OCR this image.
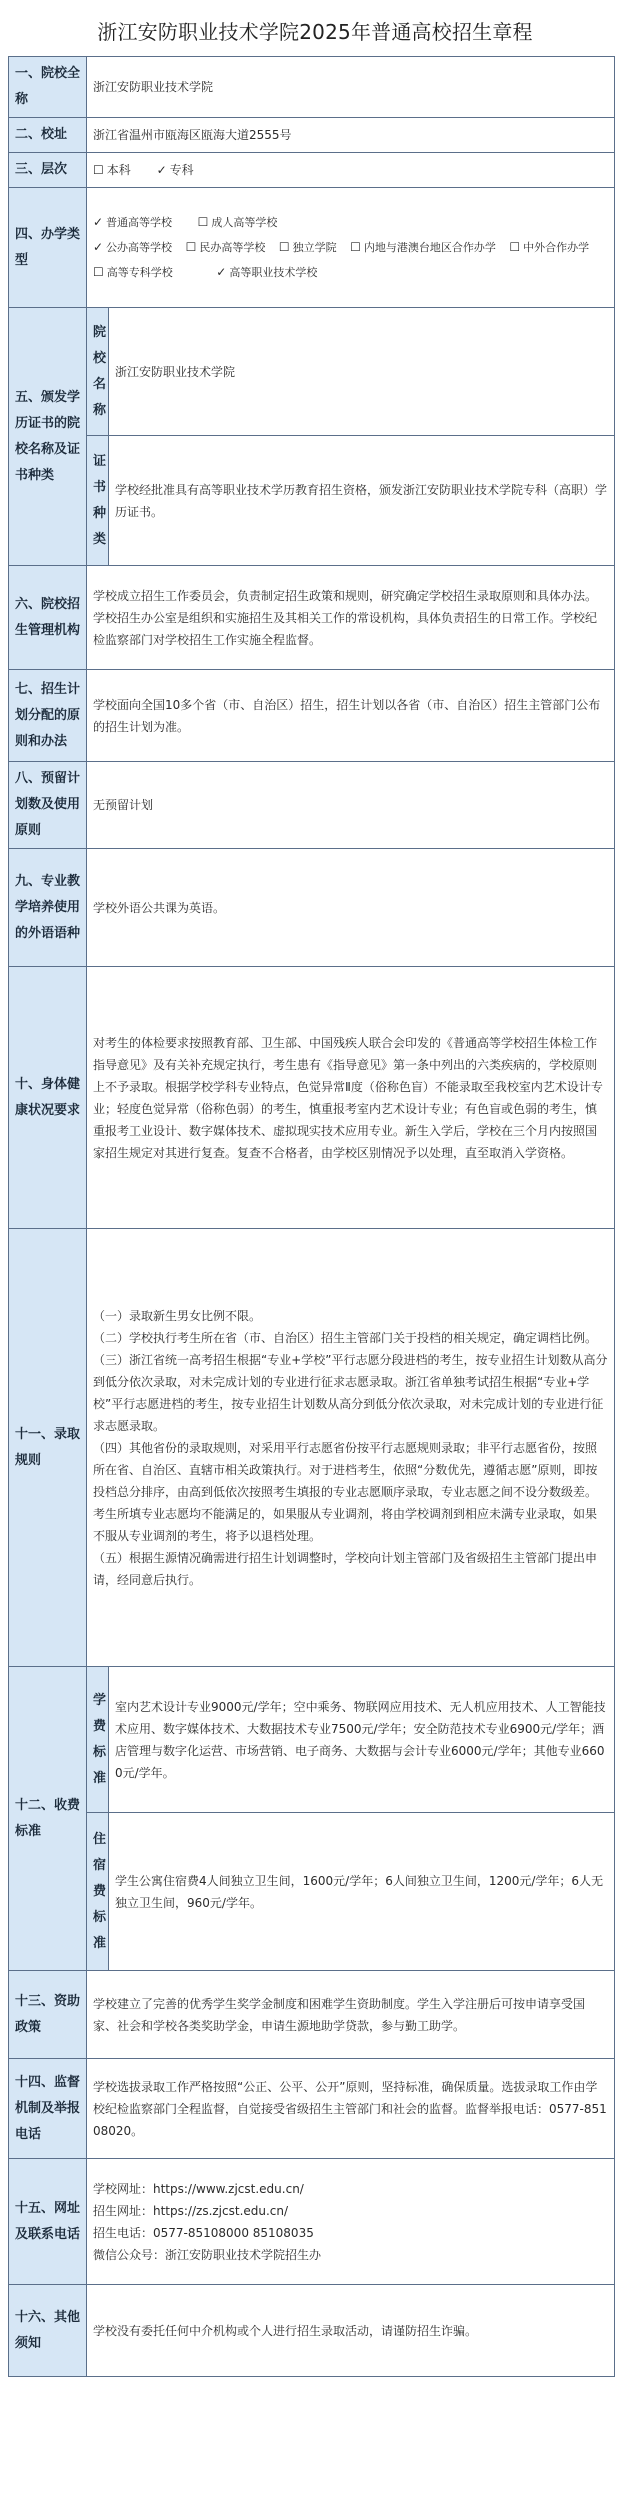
浙江安防职业技术学院2025年普通高校招生章程
一、院校全称	浙江安防职业技术学院	
二、校址	浙江省温州市瓯海区瓯海大道2555号	
三、层次	☐ 本科 ✓ 专科	
四、办学类型	✓ 普通高等学校 ☐ 成人高等学校
✓ 公办高等学校 ☐ 民办高等学校 ☐ 独立学院 ☐ 内地与港澳台地区合作办学 ☐ 中外合作办学
☐ 高等专科学校 ✓ 高等职业技术学校	

五、颁发学历证书的院校名称及证书种类	院校名称	浙江安防职业技术学院
	证书种类	学校经批准具有高等职业技术学历教育招生资格，颁发浙江安防职业技术学院专科（高职）学历证书。
六、院校招生管理机构	学校成立招生工作委员会，负责制定招生政策和规则，研究确定学校招生录取原则和具体办法。学校招生办公室是组织和实施招生及其相关工作的常设机构，具体负责招生的日常工作。学校纪检监察部门对学校招生工作实施全程监督。	
七、招生计划分配的原则和办法	学校面向全国10多个省（市、自治区）招生，招生计划以各省（市、自治区）招生主管部门公布的招生计划为准。	
八、预留计划数及使用原则	无预留计划	
九、专业教学培养使用的外语语种	学校外语公共课为英语。	
十、身体健康状况要求	对考生的体检要求按照教育部、卫生部、中国残疾人联合会印发的《普通高等学校招生体检工作指导意见》及有关补充规定执行，考生患有《指导意见》第一条中列出的六类疾病的，学校原则上不予录取。根据学校学科专业特点，色觉异常Ⅱ度（俗称色盲）不能录取至我校室内艺术设计专业；轻度色觉异常（俗称色弱）的考生，慎重报考室内艺术设计专业；有色盲或色弱的考生，慎重报考工业设计、数字媒体技术、虚拟现实技术应用专业。新生入学后，学校在三个月内按照国家招生规定对其进行复查。复查不合格者，由学校区别情况予以处理，直至取消入学资格。	
十一、录取规则	（一）录取新生男女比例不限。

（二）学校执行考生所在省（市、自治区）招生主管部门关于投档的相关规定，确定调档比例。

（三）浙江省统一高考招生根据“专业+学校”平行志愿分段进档的考生，按专业招生计划数从高分到低分依次录取，对未完成计划的专业进行征求志愿录取。浙江省单独考试招生根据“专业+学校”平行志愿进档的考生，按专业招生计划数从高分到低分依次录取，对未完成计划的专业进行征求志愿录取。

（四）其他省份的录取规则，对采用平行志愿省份按平行志愿规则录取；非平行志愿省份，按照所在省、自治区、直辖市相关政策执行。对于进档考生，依照“分数优先，遵循志愿”原则，即按投档总分排序，由高到低依次按照考生填报的专业志愿顺序录取，专业志愿之间不设分数级差。考生所填专业志愿均不能满足的，如果服从专业调剂，将由学校调剂到相应未满专业录取，如果不服从专业调剂的考生，将予以退档处理。

（五）根据生源情况确需进行招生计划调整时，学校向计划主管部门及省级招生主管部门提出申请，经同意后执行。	

十二、收费标准	学费标准	室内艺术设计专业9000元/学年；空中乘务、物联网应用技术、无人机应用技术、人工智能技术应用、数字媒体技术、大数据技术专业7500元/学年；安全防范技术专业6900元/学年；酒店管理与数字化运营、市场营销、电子商务、大数据与会计专业6000元/学年；其他专业6600元/学年。
	住宿费标准	学生公寓住宿费4人间独立卫生间，1600元/学年；6人间独立卫生间，1200元/学年；6人无独立卫生间，960元/学年。
十三、资助政策	学校建立了完善的优秀学生奖学金制度和困难学生资助制度。学生入学注册后可按申请享受国家、社会和学校各类奖助学金，申请生源地助学贷款，参与勤工助学。	
十四、监督机制及举报电话	学校选拔录取工作严格按照“公正、公平、公开”原则，坚持标准，确保质量。选拔录取工作由学校纪检监察部门全程监督，自觉接受省级招生主管部门和社会的监督。监督举报电话：0577-85108020。	
十五、网址及联系电话	学校网址：https://www.zjcst.edu.cn/
招生网址：https://zs.zjcst.edu.cn/
招生电话：0577-85108000 85108035
微信公众号：浙江安防职业技术学院招生办	

十六、其他须知	学校没有委托任何中介机构或个人进行招生录取活动，请谨防招生诈骗。	
